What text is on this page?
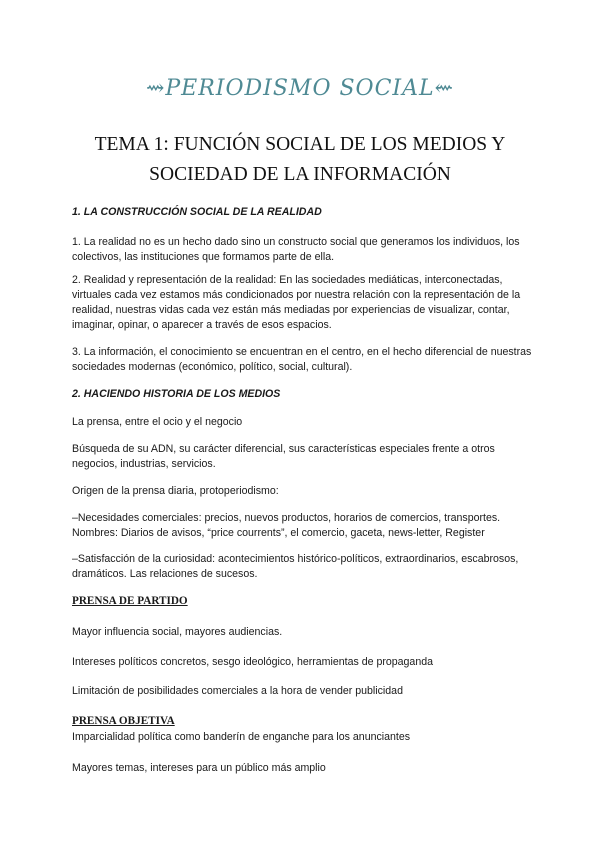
⇝PERIODISMO SOCIAL⇜
TEMA 1: FUNCIÓN SOCIAL DE LOS MEDIOS Y
SOCIEDAD DE LA INFORMACIÓN
1. LA CONSTRUCCIÓN SOCIAL DE LA REALIDAD
1. La realidad no es un hecho dado sino un constructo social que generamos los individuos, los colectivos, las instituciones que formamos parte de ella.
2. Realidad y representación de la realidad: En las sociedades mediáticas, interconectadas, virtuales cada vez estamos más condicionados por nuestra relación con la representación de la realidad, nuestras vidas cada vez están más mediadas por experiencias de visualizar, contar, imaginar, opinar, o aparecer a través de esos espacios.
3. La información, el conocimiento se encuentran en el centro, en el hecho diferencial de nuestras sociedades modernas (económico, político, social, cultural).
2. HACIENDO HISTORIA DE LOS MEDIOS
La prensa, entre el ocio y el negocio
Búsqueda de su ADN, su carácter diferencial, sus características especiales frente a otros negocios, industrias, servicios.
Origen de la prensa diaria, protoperiodismo:
–Necesidades comerciales: precios, nuevos productos, horarios de comercios, transportes. Nombres: Diarios de avisos, “price courrents”, el comercio, gaceta, news-letter, Register
–Satisfacción de la curiosidad: acontecimientos histórico-políticos, extraordinarios, escabrosos, dramáticos. Las relaciones de sucesos.
PRENSA DE PARTIDO
Mayor influencia social, mayores audiencias.
Intereses políticos concretos, sesgo ideológico, herramientas de propaganda
Limitación de posibilidades comerciales a la hora de vender publicidad
PRENSA OBJETIVA
Imparcialidad política como banderín de enganche para los anunciantes
Mayores temas, intereses para un público más amplio
